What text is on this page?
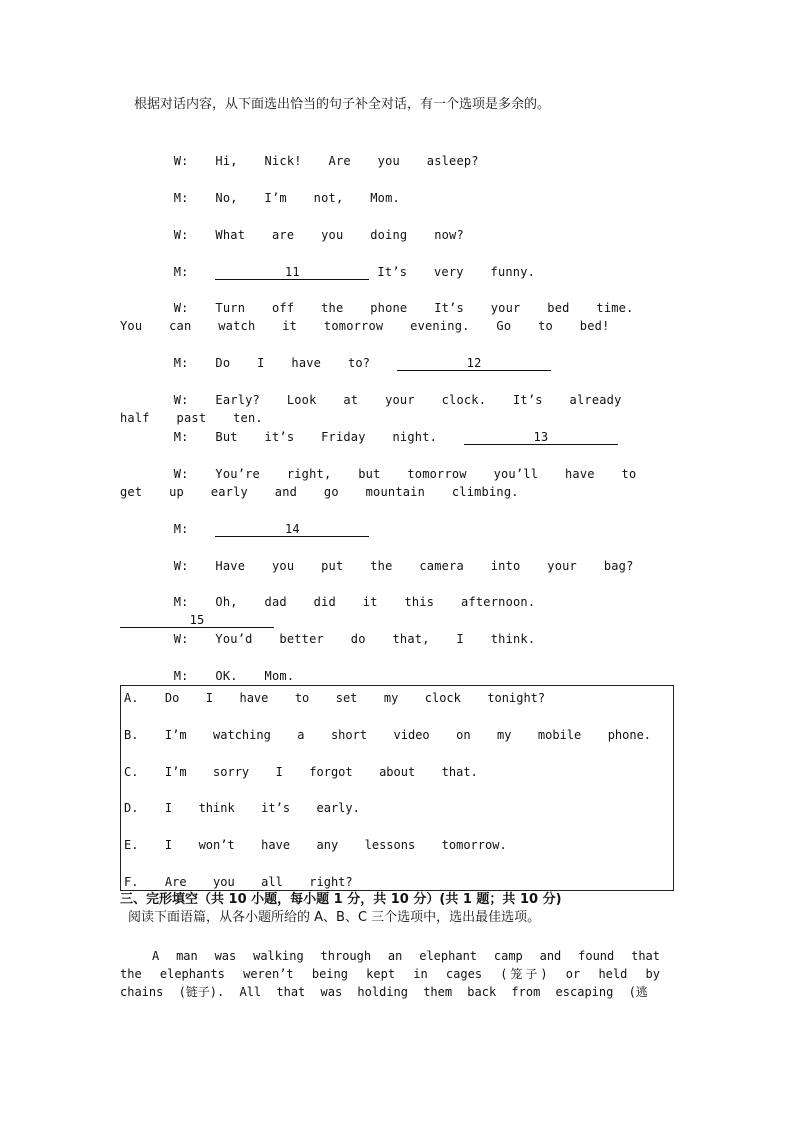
根据对话内容，从下面选出恰当的句子补全对话，有一个选项是多余的。

W: Hi,  Nick!  Are  you  asleep?

M: No,  I’m  not,  Mom.

W: What  are  you  doing  now?

M:	11	It’s  very  funny.

W: Turn  off  the  phone  It’s  your  bed  time.  You  can  watch  it  tomorrow  evening.  Go  to  bed!

M: Do  I  have  to?	12

W: Early?  Look  at  your  clock.  It’s  already  half  past  ten.

M: But  it’s  Friday  night.	13

W: You’re  right,  but  tomorrow  you’ll  have  to  get  up  early  and  go  mountain  climbing.

M:	14

W: Have  you  put  the  camera  into  your  bag?

M: Oh,  dad  did  it  this  afternoon.  15

W: You’d  better  do  that,  I  think.

M: OK.  Mom.

A. Do  I  have  to  set  my  clock  tonight?
B. I’m  watching  a  short  video  on  my  mobile  phone.
C. I’m  sorry  I  forgot  about  that.
D. I  think  it’s  early.
E. I  won’t  have  any  lessons  tomorrow.
F. Are  you  all  right?
三、完形填空（共 10 小题，每小题 1 分，共 10 分）(共 1 题；共 10 分)
阅读下面语篇，从各小题所给的 A、B、C 三个选项中，选出最佳选项。
A man was walking through an elephant camp and found that the elephants weren’t being kept in cages (笼子) or held by chains (链子). All that was holding them back from escaping (逃
